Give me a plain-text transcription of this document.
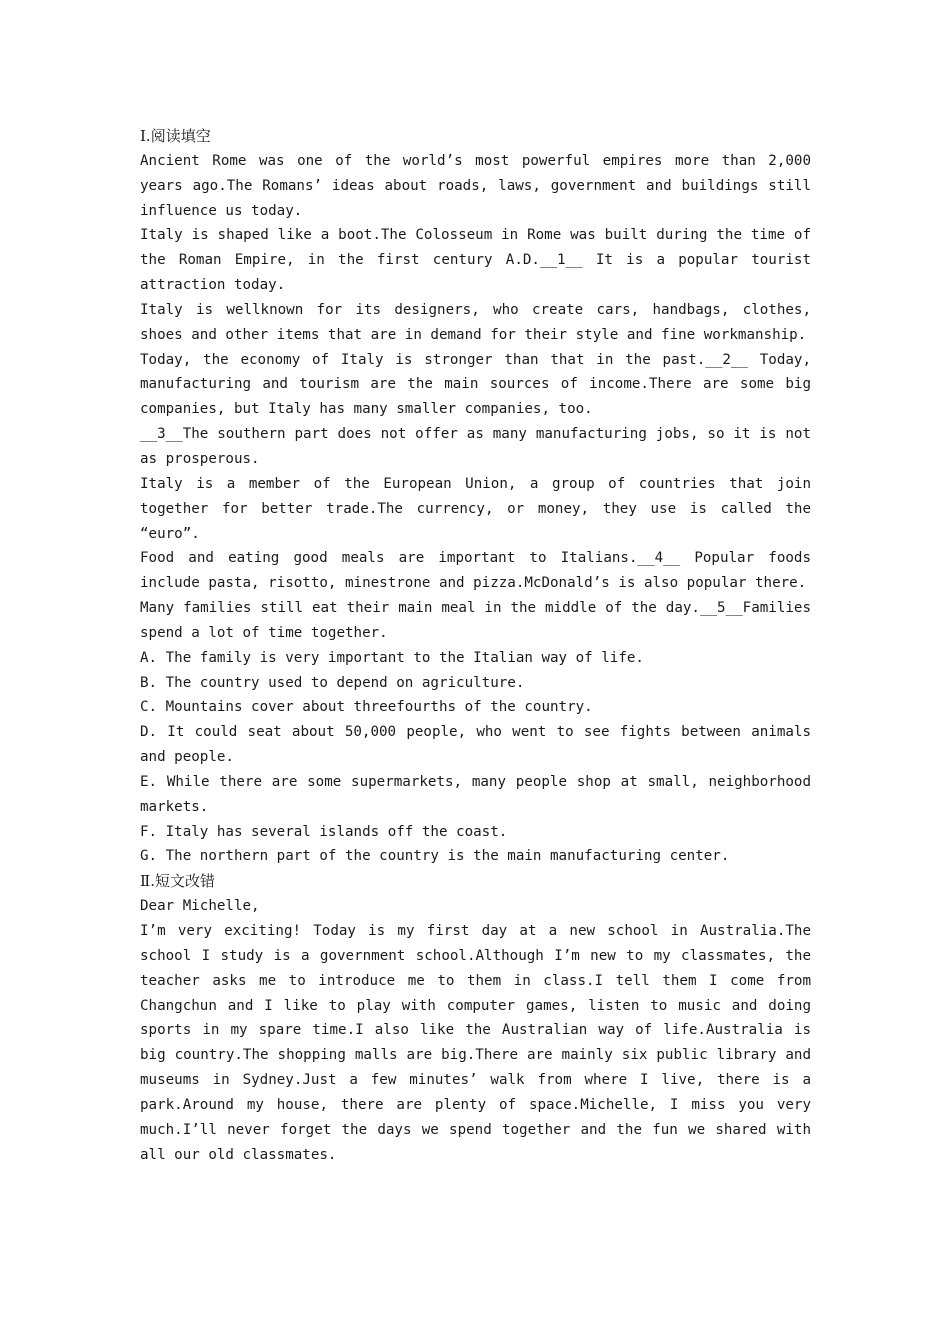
Ⅰ.阅读填空

Ancient Rome was one of the world’s most powerful empires more than 2,000 years ago.The Romans’ ideas about roads, laws, government and buildings still influence us today.

Italy is shaped like a boot.The Colosseum in Rome was built during the time of the Roman Empire, in the first century A.D.__1__ It is a popular tourist attraction today.

Italy is wellknown for its designers, who create cars, handbags, clothes, shoes and other items that are in demand for their style and fine workmanship.

Today, the economy of Italy is stronger than that in the past.__2__ Today, manufacturing and tourism are the main sources of income.There are some big companies, but Italy has many smaller companies, too.

__3__The southern part does not offer as many manufacturing jobs, so it is not as prosperous.

Italy is a member of the European Union, a group of countries that join together for better trade.The currency, or money, they use is called the “euro”.

Food and eating good meals are important to Italians.__4__ Popular foods include pasta, risotto, minestrone and pizza.McDonald’s is also popular there.

Many families still eat their main meal in the middle of the day.__5__Families spend a lot of time together.

A. The family is very important to the Italian way of life.

B. The country used to depend on agriculture.

C. Mountains cover about threefourths of the country.

D. It could seat about 50,000 people, who went to see fights between animals and people.

E. While there are some supermarkets, many people shop at small, neighborhood markets.

F. Italy has several islands off the coast.

G. The northern part of the country is the main manufacturing center.

Ⅱ.短文改错

Dear Michelle,

I’m very exciting! Today is my first day at a new school in Australia.The school I study is a government school.Although I’m new to my classmates, the teacher asks me to introduce me to them in class.I tell them I come from Changchun and I like to play with computer games, listen to music and doing sports in my spare time.I also like the Australian way of life.Australia is big country.The shopping malls are big.There are mainly six public library and museums in Sydney.Just a few minutes’ walk from where I live, there is a park.Around my house, there are plenty of space.Michelle, I miss you very much.I’ll never forget the days we spend together and the fun we shared with all our old classmates.
